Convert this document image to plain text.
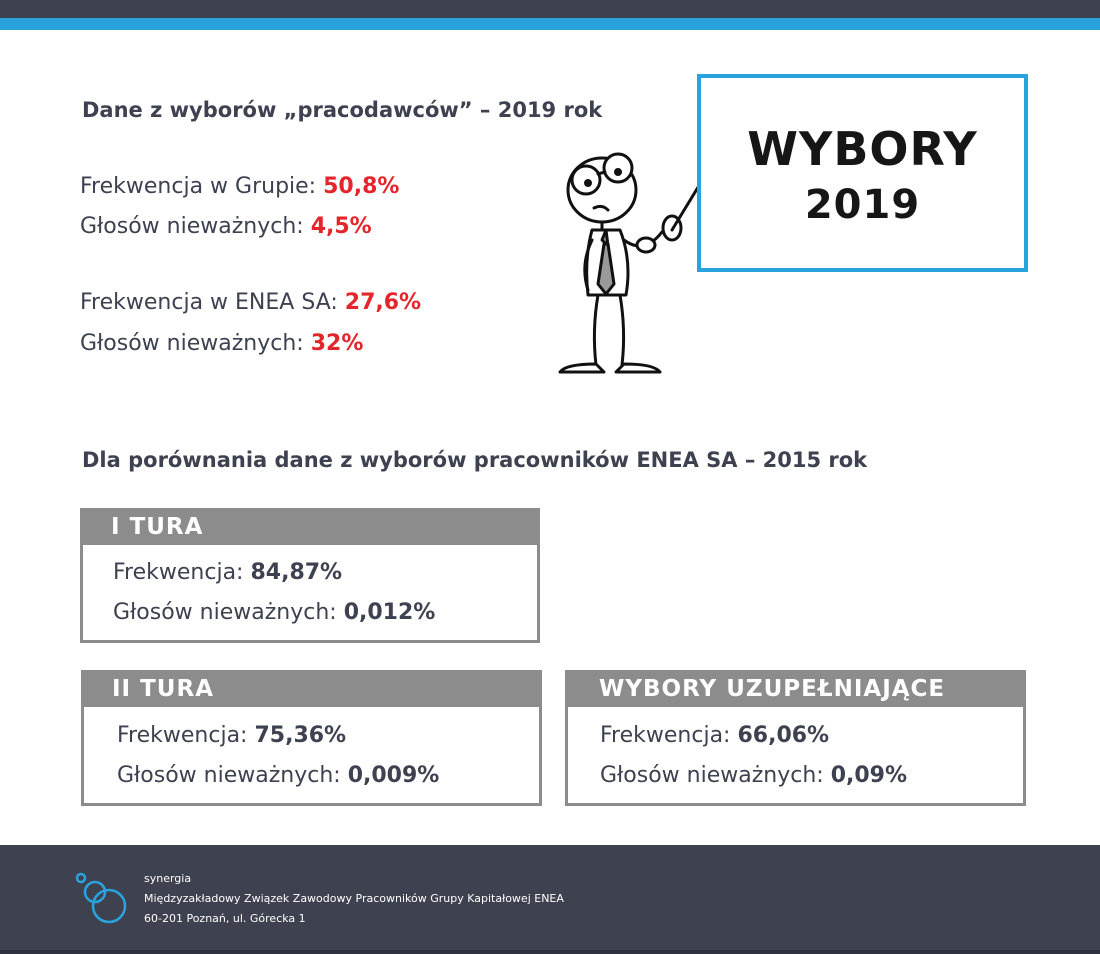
Dane z wyborów „pracodawców” – 2019 rok
Frekwencja w Grupie: 50,8%
Głosów nieważnych: 4,5%
Frekwencja w ENEA SA: 27,6%
Głosów nieważnych: 32%
WYBORY
2019
Dla porównania dane z wyborów pracowników ENEA SA – 2015 rok
I TURA
Frekwencja: 84,87%
Głosów nieważnych: 0,012%
II TURA
Frekwencja: 75,36%
Głosów nieważnych: 0,009%
WYBORY UZUPEŁNIAJĄCE
Frekwencja: 66,06%
Głosów nieważnych: 0,09%
synergia
Międzyzakładowy Związek Zawodowy Pracowników Grupy Kapitałowej ENEA
60-201 Poznań, ul. Górecka 1
